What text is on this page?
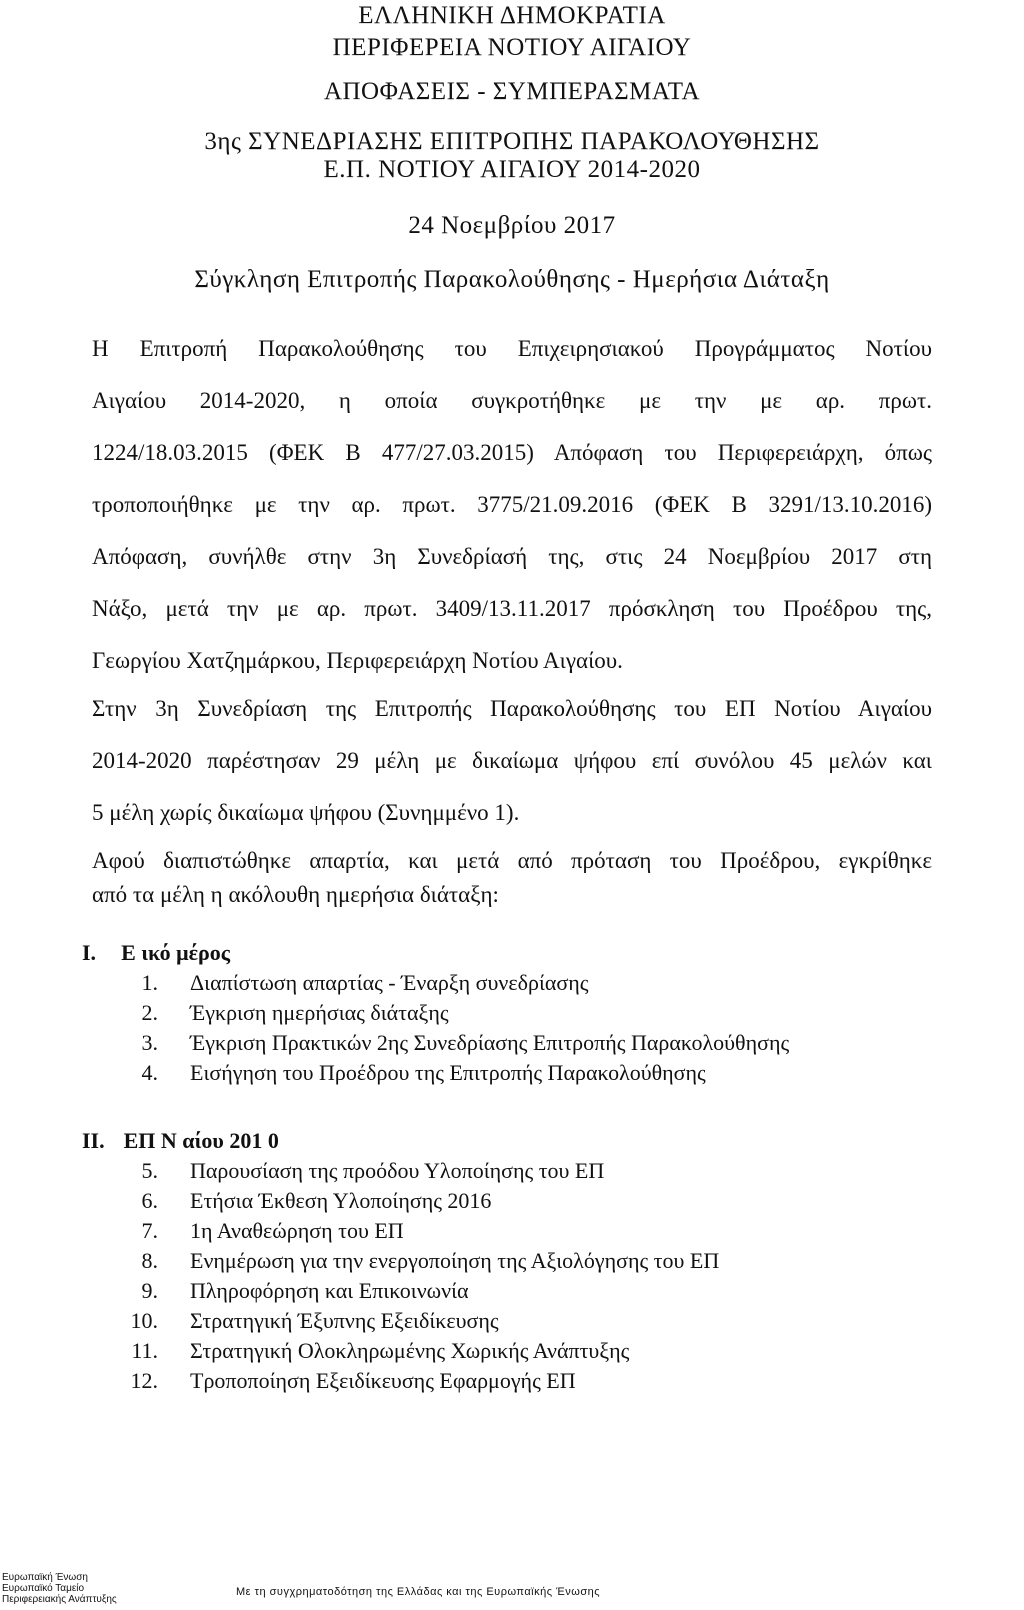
ΕΛΛΗΝΙΚΗ ΔΗΜΟΚΡΑΤΙΑ
ΠΕΡΙΦΕΡΕΙΑ ΝΟΤΙΟΥ ΑΙΓΑΙΟΥ
ΑΠΟΦΑΣΕΙΣ - ΣΥΜΠΕΡΑΣΜΑΤΑ
3ης ΣΥΝΕΔΡΙΑΣΗΣ ΕΠΙΤΡΟΠΗΣ ΠΑΡΑΚΟΛΟΥΘΗΣΗΣ
Ε.Π. ΝΟΤΙΟΥ ΑΙΓΑΙΟΥ 2014-2020
24 Νοεμβρίου 2017
Σύγκληση Επιτροπής Παρακολούθησης - Ημερήσια Διάταξη
Η Επιτροπή Παρακολούθησης του Επιχειρησιακού Προγράμματος Νοτίου
Αιγαίου 2014-2020, η οποία συγκροτήθηκε με την με αρ. πρωτ.
1224/18.03.2015 (ΦΕΚ Β 477/27.03.2015) Απόφαση του Περιφερειάρχη, όπως
τροποποιήθηκε με την αρ. πρωτ. 3775/21.09.2016 (ΦΕΚ Β 3291/13.10.2016)
Απόφαση, συνήλθε στην 3η Συνεδρίασή της, στις 24 Νοεμβρίου 2017 στη
Νάξο, μετά την με αρ. πρωτ. 3409/13.11.2017 πρόσκληση του Προέδρου της,
Γεωργίου Χατζημάρκου, Περιφερειάρχη Νοτίου Αιγαίου.
Στην 3η Συνεδρίαση της Επιτροπής Παρακολούθησης του ΕΠ Νοτίου Αιγαίου
2014-2020 παρέστησαν 29 μέλη με δικαίωμα ψήφου επί συνόλου 45 μελών και
5 μέλη χωρίς δικαίωμα ψήφου (Συνημμένο 1).
Αφού διαπιστώθηκε απαρτία, και μετά από πρόταση του Προέδρου, εγκρίθηκε
από τα μέλη η ακόλουθη ημερήσια διάταξη:
I. Ε ικό μέρος
1. Διαπίστωση απαρτίας - Έναρξη συνεδρίασης
2. Έγκριση ημερήσιας διάταξης
3. Έγκριση Πρακτικών 2ης Συνεδρίασης Επιτροπής Παρακολούθησης
4. Εισήγηση του Προέδρου της Επιτροπής Παρακολούθησης
II. ΕΠ Ν αίου 201 0
5. Παρουσίαση της προόδου Υλοποίησης του ΕΠ
6. Ετήσια Έκθεση Υλοποίησης 2016
7. 1η Αναθεώρηση του ΕΠ
8. Ενημέρωση για την ενεργοποίηση της Αξιολόγησης του ΕΠ
9. Πληροφόρηση και Επικοινωνία
10. Στρατηγική Έξυπνης Εξειδίκευσης
11. Στρατηγική Ολοκληρωμένης Χωρικής Ανάπτυξης
12. Τροποποίηση Εξειδίκευσης Εφαρμογής ΕΠ
Ευρωπαϊκή Ένωση
Ευρωπαϊκό Ταμείο
Περιφερειακής Ανάπτυξης
Με τη συγχρηματοδότηση της Ελλάδας και της Ευρωπαϊκής Ένωσης
